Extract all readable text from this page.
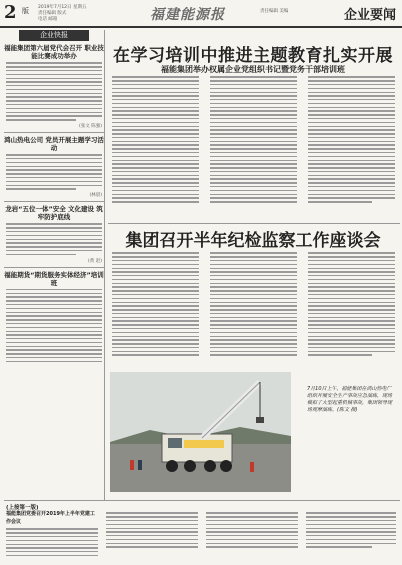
2 版 2019年7月12日 星期五
责任编辑 版式
电话 邮箱	福建能源报	责任编辑 美编	企业要闻
企业快报
福能集团第六届党代会召开 职业技能比赛成功举办
(张文 陈强)
鸿山热电公司 党员开展主题学习活动
(林晨)
龙岩“五位一体”安全 文化建设 筑牢防护底线
(黄 赵)
福能期货“期货服务实体经济”培训班
在学习培训中推进主题教育扎实开展
福能集团举办权属企业党组织书记暨党务干部培训班
集团召开半年纪检监察工作座谈会
7月10日上午，福能集团在鸿山热电厂组织开展安全生产事故应急演练，现场模拟了大型起重机械事故，集团领导现场观摩演练。(陈文 摄)
(上接第一版)
福能集团党委召开2019年上半年党建工作会议
